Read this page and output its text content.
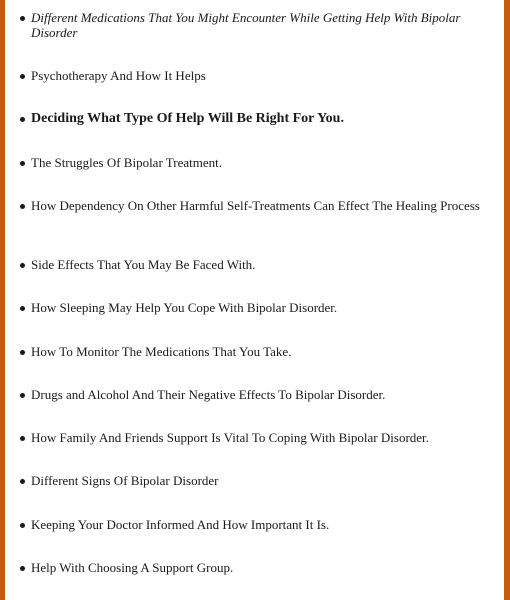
Different Medications That You Might Encounter While Getting Help With Bipolar Disorder
Psychotherapy And How It Helps
Deciding What Type Of Help Will Be Right For You.
The Struggles Of Bipolar Treatment.
How Dependency On Other Harmful Self-Treatments Can Effect The Healing Process
Side Effects That You May Be Faced With.
How Sleeping May Help You Cope With Bipolar Disorder.
How To Monitor The Medications That You Take.
Drugs and Alcohol And Their Negative Effects To Bipolar Disorder.
How Family And Friends Support Is Vital To Coping With Bipolar Disorder.
Different Signs Of Bipolar Disorder
Keeping Your Doctor Informed And How Important It Is.
Help With Choosing A Support Group.
